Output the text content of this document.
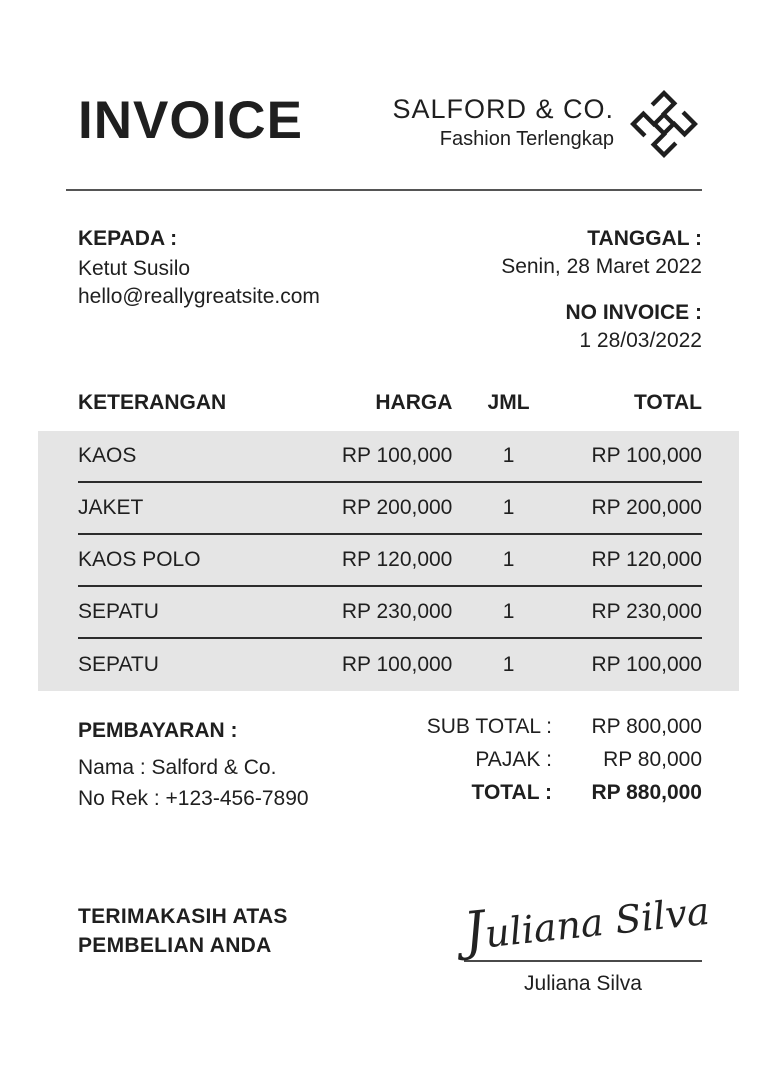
INVOICE	SALFORD & CO.
Fashion Terlengkap
KEPADA :
Ketut Susilo
hello@reallygreatsite.com
TANGGAL :
Senin, 28 Maret 2022
NO INVOICE :
1 28/03/2022
KETERANGAN	HARGA	JML	TOTAL
KAOS	RP 100,000	1	RP 100,000
JAKET	RP 200,000	1	RP 200,000
KAOS POLO	RP 120,000	1	RP 120,000
SEPATU	RP 230,000	1	RP 230,000
SEPATU	RP 100,000	1	RP 100,000
PEMBAYARAN :
Nama : Salford & Co.
No Rek : +123-456-7890
SUB TOTAL :	RP 800,000
PAJAK :	RP 80,000
TOTAL :	RP 880,000
TERIMAKASIH ATAS
PEMBELIAN ANDA	Juliana Silva
Juliana Silva
